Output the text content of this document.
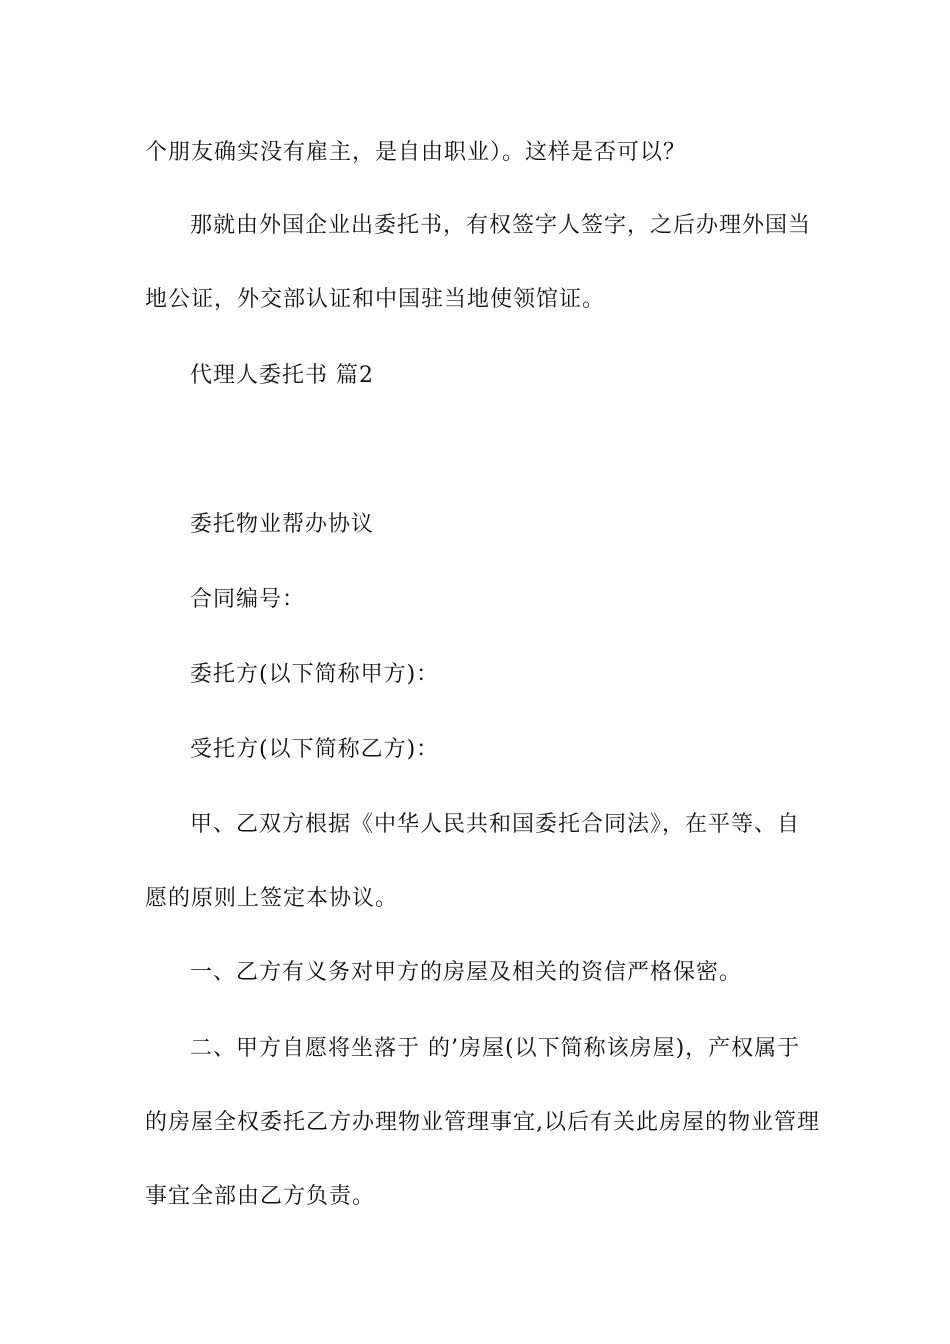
个朋友确实没有雇主，是自由职业）。这样是否可以？
那就由外国企业出委托书，有权签字人签字，之后办理外国当
地公证，外交部认证和中国驻当地使领馆证。
代理人委托书 篇2
委托物业帮办协议
合同编号：
委托方(以下简称甲方)：
受托方(以下简称乙方)：
甲、乙双方根据《中华人民共和国委托合同法》，在平等、自
愿的原则上签定本协议。
一、乙方有义务对甲方的房屋及相关的资信严格保密。
二、甲方自愿将坐落于 的’房屋(以下简称该房屋)，产权属于
的房屋全权委托乙方办理物业管理事宜,以后有关此房屋的物业管理
事宜全部由乙方负责。
